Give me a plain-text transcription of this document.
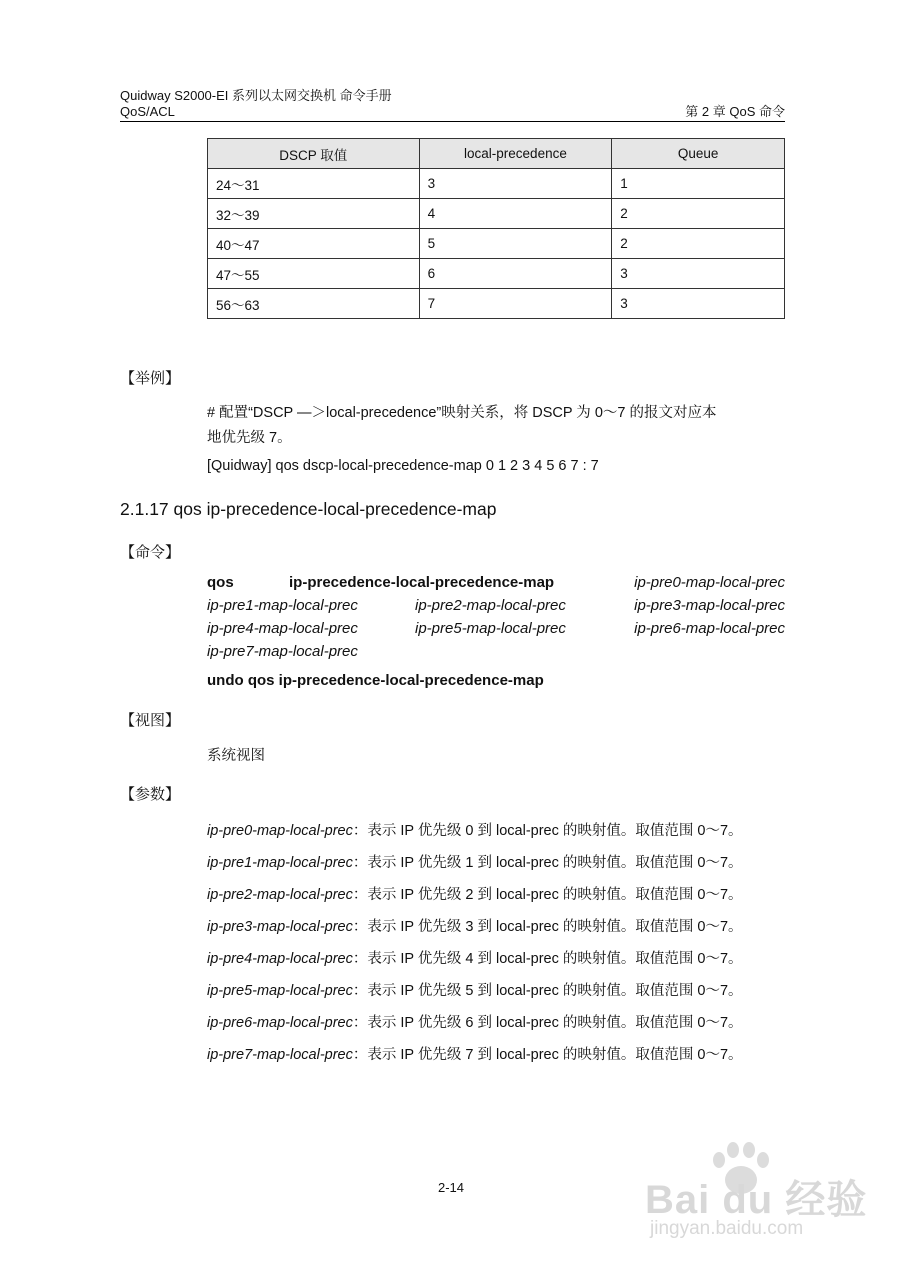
Quidway S2000-EI 系列以太网交换机 命令手册
QoS/ACL	第 2 章 QoS 命令
DSCP 取值	local-precedence	Queue
24～31	3	1
32～39	4	2
40～47	5	2
47～55	6	3
56～63	7	3
【举例】
# 配置“DSCP —＞local-precedence”映射关系，将 DSCP 为 0～7 的报文对应本
地优先级 7。
[Quidway] qos dscp-local-precedence-map 0 1 2 3 4 5 6 7 : 7
2.1.17 qos ip-precedence-local-precedence-map
【命令】
qos	ip-precedence-local-precedence-map	ip-pre0-map-local-prec
ip-pre1-map-local-prec	ip-pre2-map-local-prec	ip-pre3-map-local-prec
ip-pre4-map-local-prec	ip-pre5-map-local-prec	ip-pre6-map-local-prec
ip-pre7-map-local-prec
undo qos ip-precedence-local-precedence-map
【视图】
系统视图
【参数】
ip-pre0-map-local-prec：表示 IP 优先级 0 到 local-prec 的映射值。取值范围 0～7。
ip-pre1-map-local-prec：表示 IP 优先级 1 到 local-prec 的映射值。取值范围 0～7。
ip-pre2-map-local-prec：表示 IP 优先级 2 到 local-prec 的映射值。取值范围 0～7。
ip-pre3-map-local-prec：表示 IP 优先级 3 到 local-prec 的映射值。取值范围 0～7。
ip-pre4-map-local-prec：表示 IP 优先级 4 到 local-prec 的映射值。取值范围 0～7。
ip-pre5-map-local-prec：表示 IP 优先级 5 到 local-prec 的映射值。取值范围 0～7。
ip-pre6-map-local-prec：表示 IP 优先级 6 到 local-prec 的映射值。取值范围 0～7。
ip-pre7-map-local-prec：表示 IP 优先级 7 到 local-prec 的映射值。取值范围 0～7。
2-14	Bai du 经验
jingyan.baidu.com
